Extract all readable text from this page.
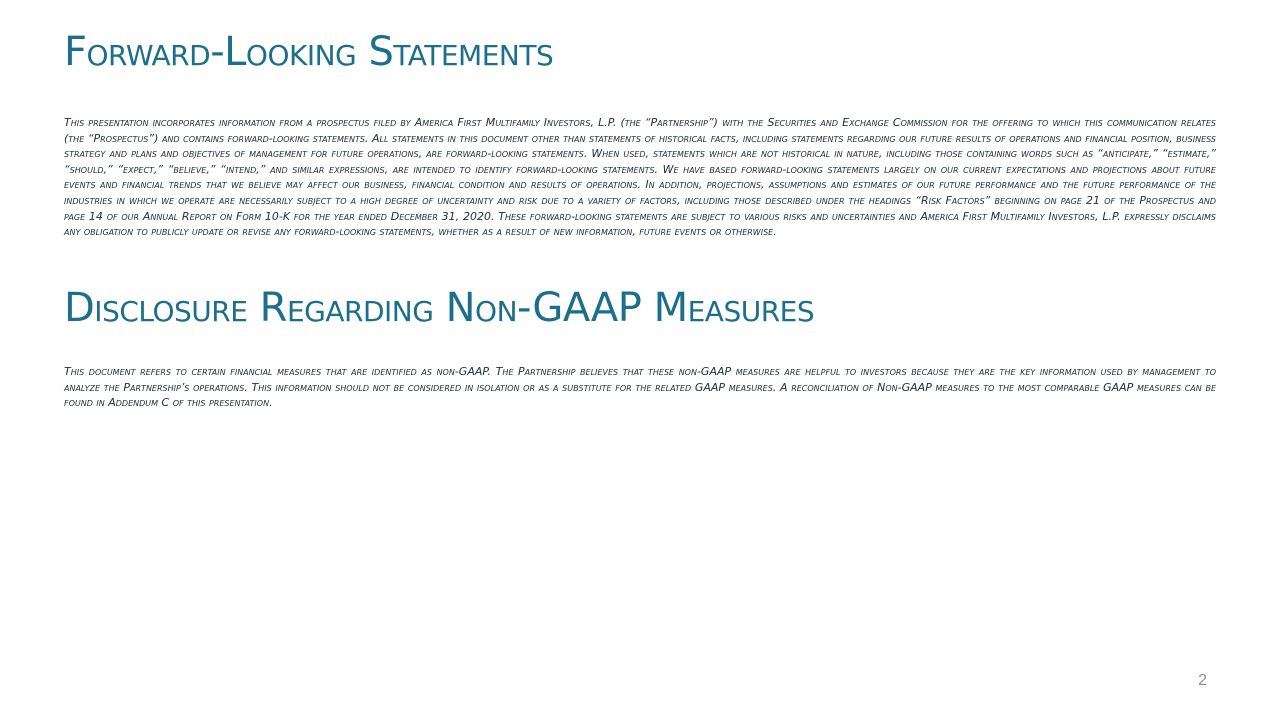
Forward-Looking Statements

This presentation incorporates information from a prospectus filed by America First Multifamily Investors, L.P. (the “Partnership”) with the Securities and Exchange Commission for the offering to which this communication relates (the “Prospectus”) and contains forward-looking statements. All statements in this document other than statements of historical facts, including statements regarding our future results of operations and financial position, business strategy and plans and objectives of management for future operations, are forward-looking statements. When used, statements which are not historical in nature, including those containing words such as “anticipate,” “estimate,” “should,” “expect,” “believe,” “intend,” and similar expressions, are intended to identify forward-looking statements. We have based forward-looking statements largely on our current expectations and projections about future events and financial trends that we believe may affect our business, financial condition and results of operations. In addition, projections, assumptions and estimates of our future performance and the future performance of the industries in which we operate are necessarily subject to a high degree of uncertainty and risk due to a variety of factors, including those described under the headings “Risk Factors” beginning on page 21 of the Prospectus and page 14 of our Annual Report on Form 10-K for the year ended December 31, 2020. These forward-looking statements are subject to various risks and uncertainties and America First Multifamily Investors, L.P. expressly disclaims any obligation to publicly update or revise any forward-looking statements, whether as a result of new information, future events or otherwise.

Disclosure Regarding Non-GAAP Measures

This document refers to certain financial measures that are identified as non-GAAP. The Partnership believes that these non-GAAP measures are helpful to investors because they are the key information used by management to analyze the Partnership’s operations. This information should not be considered in isolation or as a substitute for the related GAAP measures. A reconciliation of Non-GAAP measures to the most comparable GAAP measures can be found in Addendum C of this presentation.

2
